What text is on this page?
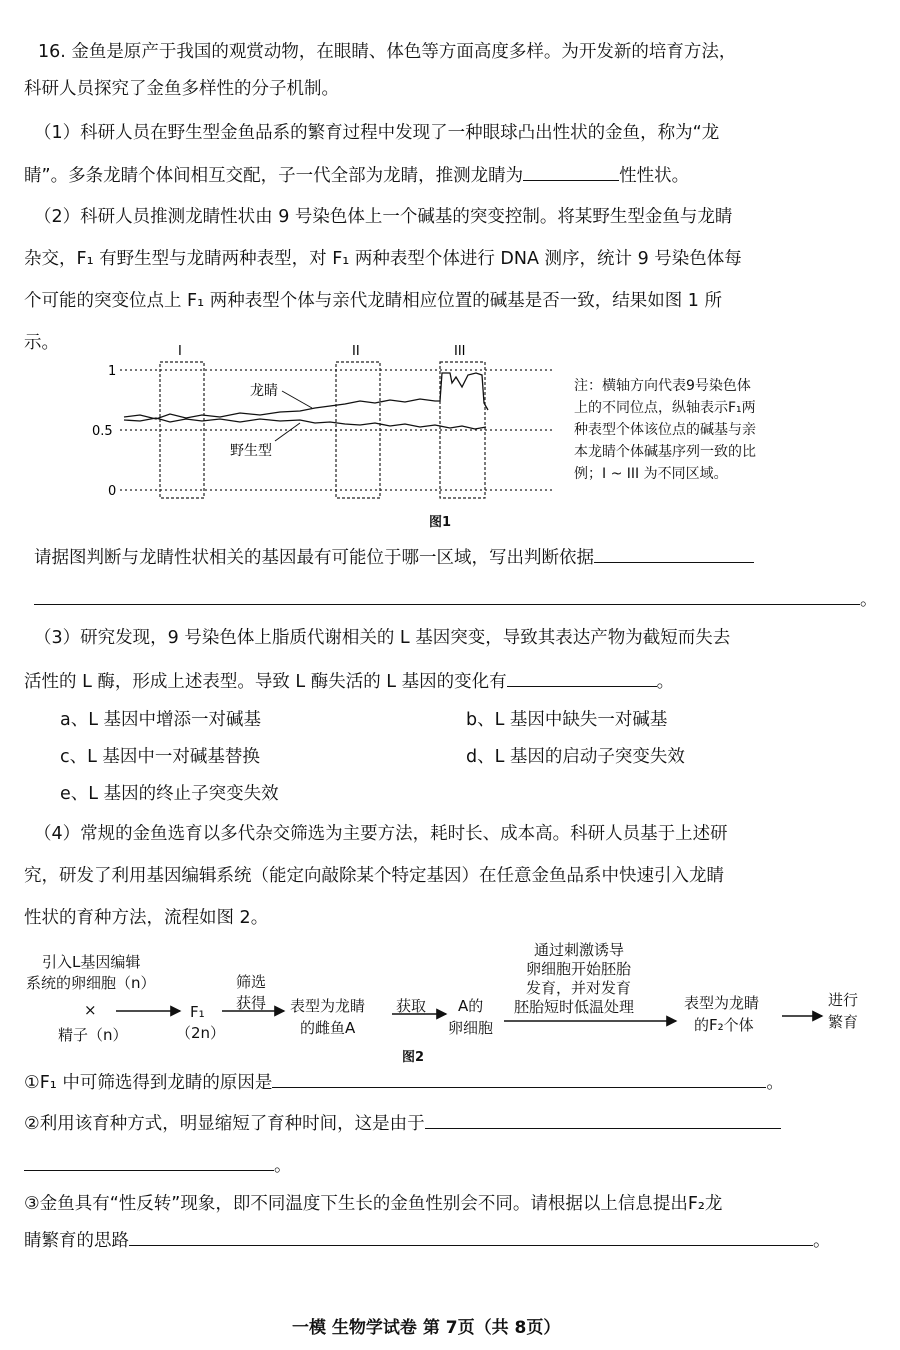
16. 金鱼是原产于我国的观赏动物，在眼睛、体色等方面高度多样。为开发新的培育方法，
科研人员探究了金鱼多样性的分子机制。
（1）科研人员在野生型金鱼品系的繁育过程中发现了一种眼球凸出性状的金鱼，称为“龙
睛”。多条龙睛个体间相互交配，子一代全部为龙睛，推测龙睛为	性性状。
（2）科研人员推测龙睛性状由 9 号染色体上一个碱基的突变控制。将某野生型金鱼与龙睛
杂交，F₁ 有野生型与龙睛两种表型，对 F₁ 两种表型个体进行 DNA 测序，统计 9 号染色体每
个可能的突变位点上 F₁ 两种表型个体与亲代龙睛相应位置的碱基是否一致，结果如图 1 所
示。
1
0.5
0
I	II	III
龙睛
野生型
图1
注：横轴方向代表9号染色体
上的不同位点，纵轴表示F₁两
种表型个体该位点的碱基与亲
本龙睛个体碱基序列一致的比
例；I ~ III 为不同区域。
请据图判断与龙睛性状相关的基因最有可能位于哪一区域，写出判断依据
。
（3）研究发现，9 号染色体上脂质代谢相关的 L 基因突变，导致其表达产物为截短而失去
活性的 L 酶，形成上述表型。导致 L 酶失活的 L 基因的变化有	。
a、L 基因中增添一对碱基	b、L 基因中缺失一对碱基
c、L 基因中一对碱基替换	d、L 基因的启动子突变失效
e、L 基因的终止子突变失效
（4）常规的金鱼选育以多代杂交筛选为主要方法，耗时长、成本高。科研人员基于上述研
究，研发了利用基因编辑系统（能定向敲除某个特定基因）在任意金鱼品系中快速引入龙睛
性状的育种方法，流程如图 2。
引入L基因编辑
系统的卵细胞（n）
×
精子（n）
F₁
（2n）
筛选
获得 表型为龙睛
的雌鱼A
获取 A的
卵细胞
通过刺激诱导
卵细胞开始胚胎
发育，并对发育
胚胎短时低温处理	表型为龙睛
的F₂个体
进行
繁育
图2
①F₁ 中可筛选得到龙睛的原因是	。
②利用该育种方式，明显缩短了育种时间，这是由于
。
③金鱼具有“性反转”现象，即不同温度下生长的金鱼性别会不同。请根据以上信息提出F₂龙
睛繁育的思路	。
一模 生物学试卷 第 7页（共 8页）
